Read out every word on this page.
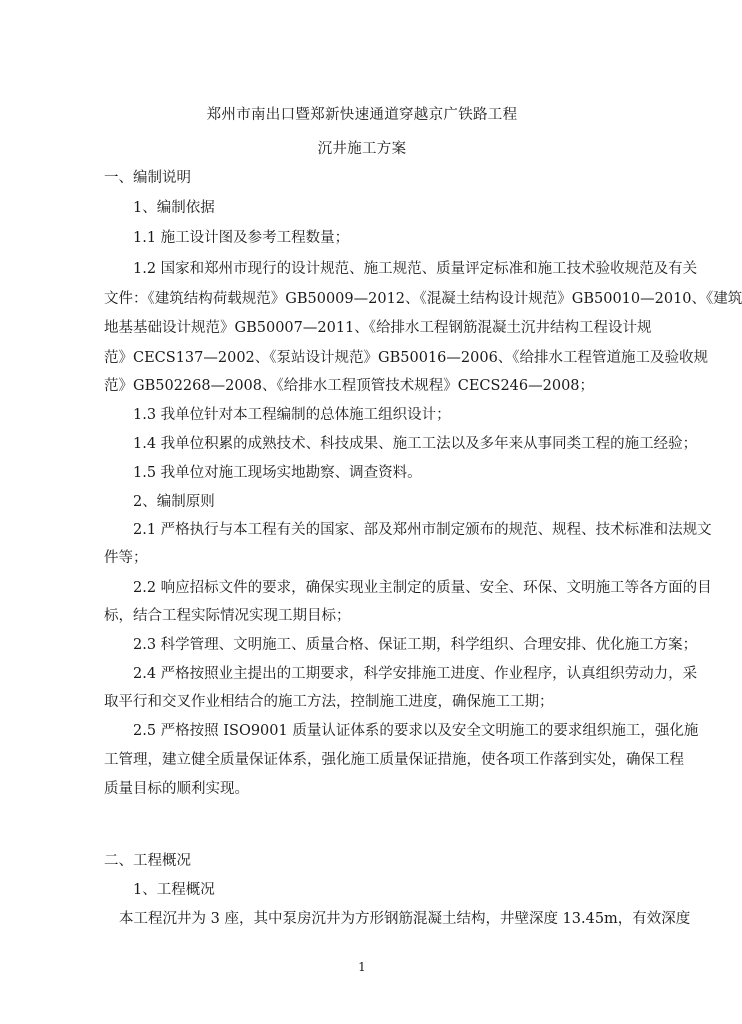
郑州市南出口暨郑新快速通道穿越京广铁路工程
沉井施工方案
一、编制说明
1、编制依据
1.1 施工设计图及参考工程数量；
1.2 国家和郑州市现行的设计规范、施工规范、质量评定标准和施工技术验收规范及有关
文件：《建筑结构荷载规范》GB50009—2012、《混凝土结构设计规范》GB50010—2010、《建筑
地基基础设计规范》GB50007—2011、《给排水工程钢筋混凝土沉井结构工程设计规
范》CECS137—2002、《泵站设计规范》GB50016—2006、《给排水工程管道施工及验收规
范》GB502268—2008、《给排水工程顶管技术规程》CECS246—2008；
1.3 我单位针对本工程编制的总体施工组织设计；
1.4 我单位积累的成熟技术、科技成果、施工工法以及多年来从事同类工程的施工经验；
1.5 我单位对施工现场实地勘察、调查资料。
2、编制原则
2.1 严格执行与本工程有关的国家、部及郑州市制定颁布的规范、规程、技术标准和法规文
件等；
2.2 响应招标文件的要求，确保实现业主制定的质量、安全、环保、文明施工等各方面的目
标，结合工程实际情况实现工期目标；
2.3 科学管理、文明施工、质量合格、保证工期，科学组织、合理安排、优化施工方案；
2.4 严格按照业主提出的工期要求，科学安排施工进度、作业程序，认真组织劳动力，采
取平行和交叉作业相结合的施工方法，控制施工进度，确保施工工期；
2.5 严格按照 ISO9001 质量认证体系的要求以及安全文明施工的要求组织施工，强化施
工管理，建立健全质量保证体系，强化施工质量保证措施，使各项工作落到实处，确保工程
质量目标的顺利实现。
二、工程概况
1、工程概况
本工程沉井为 3 座，其中泵房沉井为方形钢筋混凝土结构，井壁深度 13.45m，有效深度
1
